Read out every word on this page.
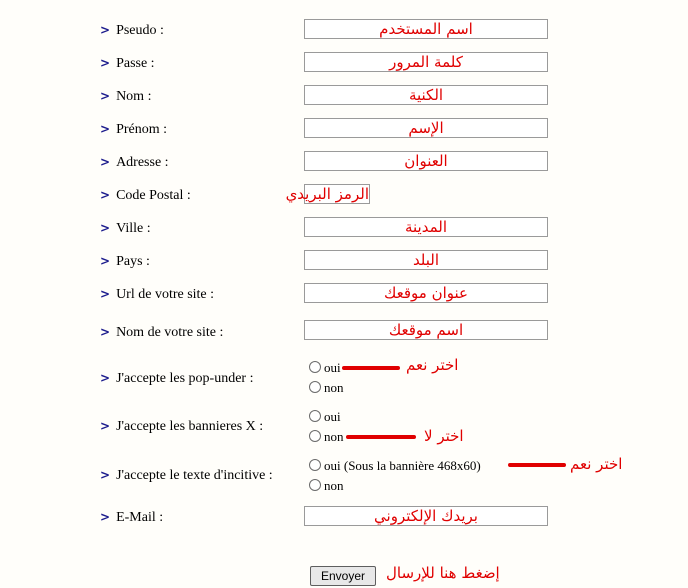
> Pseudo :	اسم المستخدم
> Passe :	كلمة المرور
> Nom :	الكنية
> Prénom :	الإسم
> Adresse :	العنوان
> Code Postal :	الرمز البريدي
> Ville :	المدينة
> Pays :	البلد
> Url de votre site :	عنوان موقعك
> Nom de votre site :	اسم موقعك
> J'accepte les pop-under :
oui
non
اختر نعم
> J'accepte les bannieres X :
oui
non	اختر لا
> J'accepte le texte d'incitive :
oui (Sous la bannière 468x60)
non
اختر نعم
> E-Mail :	بريدك الإلكتروني
Envoyer	إضغط هنا للإرسال
